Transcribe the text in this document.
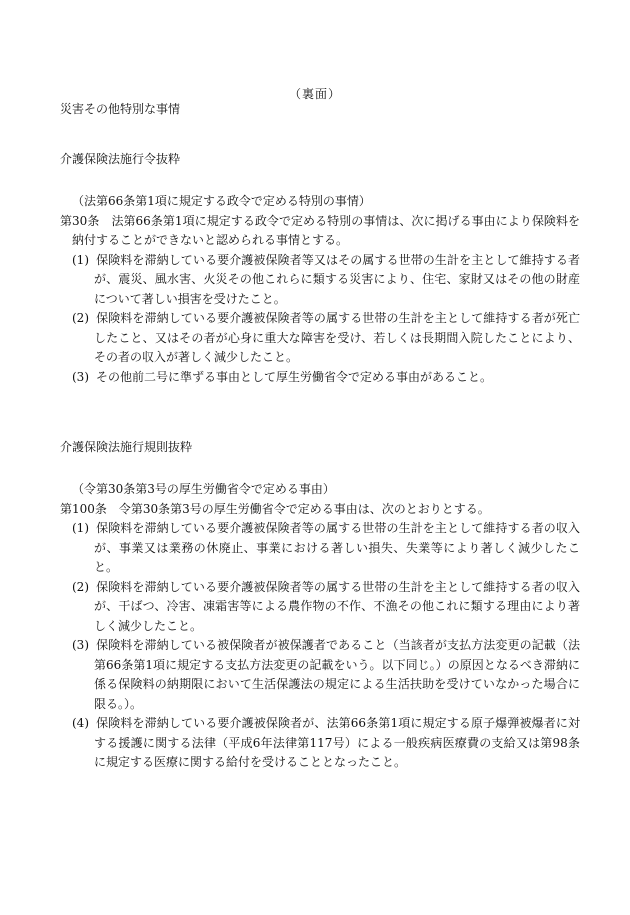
（裏面）
災害その他特別な事情
介護保険法施行令抜粋
（法第66条第1項に規定する政令で定める特別の事情）
第30条　法第66条第1項に規定する政令で定める特別の事情は、次に掲げる事由により保険料を納付することができないと認められる事情とする。
(1) 保険料を滞納している要介護被保険者等又はその属する世帯の生計を主として維持する者が、震災、風水害、火災その他これらに類する災害により、住宅、家財又はその他の財産について著しい損害を受けたこと。
(2) 保険料を滞納している要介護被保険者等の属する世帯の生計を主として維持する者が死亡したこと、又はその者が心身に重大な障害を受け、若しくは長期間入院したことにより、その者の収入が著しく減少したこと。
(3) その他前二号に準ずる事由として厚生労働省令で定める事由があること。
介護保険法施行規則抜粋
（令第30条第3号の厚生労働省令で定める事由）
第100条　令第30条第3号の厚生労働省令で定める事由は、次のとおりとする。
(1) 保険料を滞納している要介護被保険者等の属する世帯の生計を主として維持する者の収入が、事業又は業務の休廃止、事業における著しい損失、失業等により著しく減少したこと。
(2) 保険料を滞納している要介護被保険者等の属する世帯の生計を主として維持する者の収入が、干ばつ、冷害、凍霜害等による農作物の不作、不漁その他これに類する理由により著しく減少したこと。
(3) 保険料を滞納している被保険者が被保護者であること（当該者が支払方法変更の記載（法第66条第1項に規定する支払方法変更の記載をいう。以下同じ。）の原因となるべき滞納に係る保険料の納期限において生活保護法の規定による生活扶助を受けていなかった場合に限る。）。
(4) 保険料を滞納している要介護被保険者が、法第66条第1項に規定する原子爆弾被爆者に対する援護に関する法律（平成6年法律第117号）による一般疾病医療費の支給又は第98条に規定する医療に関する給付を受けることとなったこと。
